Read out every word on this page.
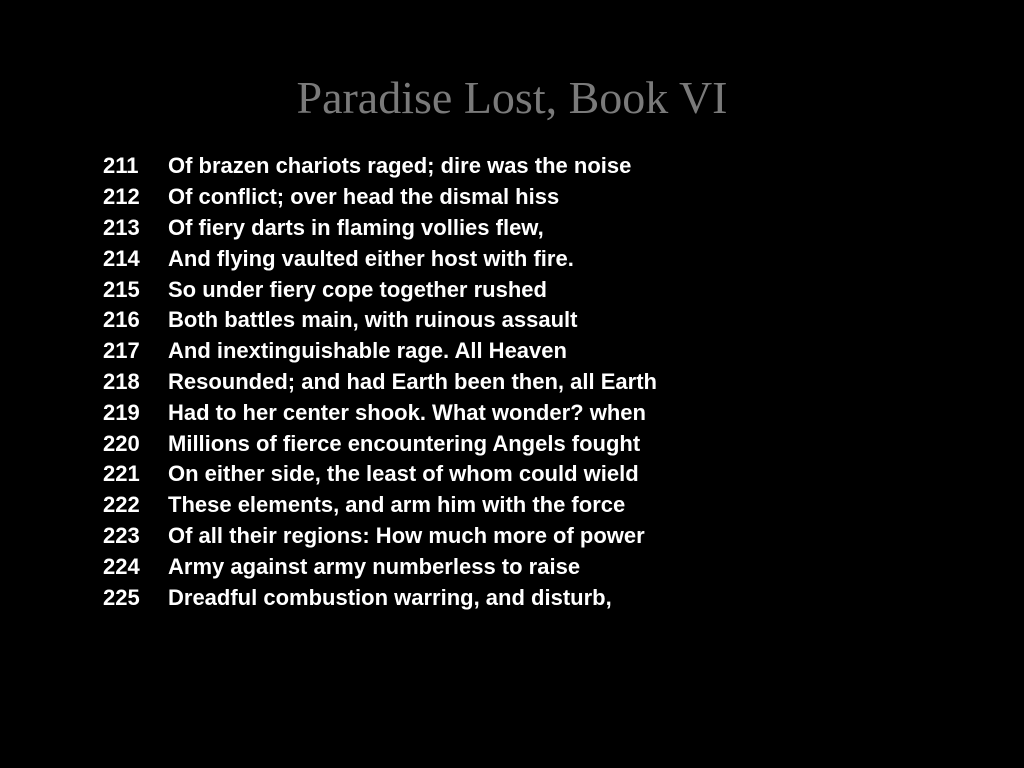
Paradise Lost, Book VI
211	Of brazen chariots raged; dire was the noise
212	Of conflict; over head the dismal hiss
213	Of fiery darts in flaming vollies flew,
214	And flying vaulted either host with fire.
215	So under fiery cope together rushed
216	Both battles main, with ruinous assault
217	And inextinguishable rage. All Heaven
218	Resounded; and had Earth been then, all Earth
219	Had to her center shook. What wonder? when
220	Millions of fierce encountering Angels fought
221	On either side, the least of whom could wield
222	These elements, and arm him with the force
223	Of all their regions: How much more of power
224	Army against army numberless to raise
225	Dreadful combustion warring, and disturb,
